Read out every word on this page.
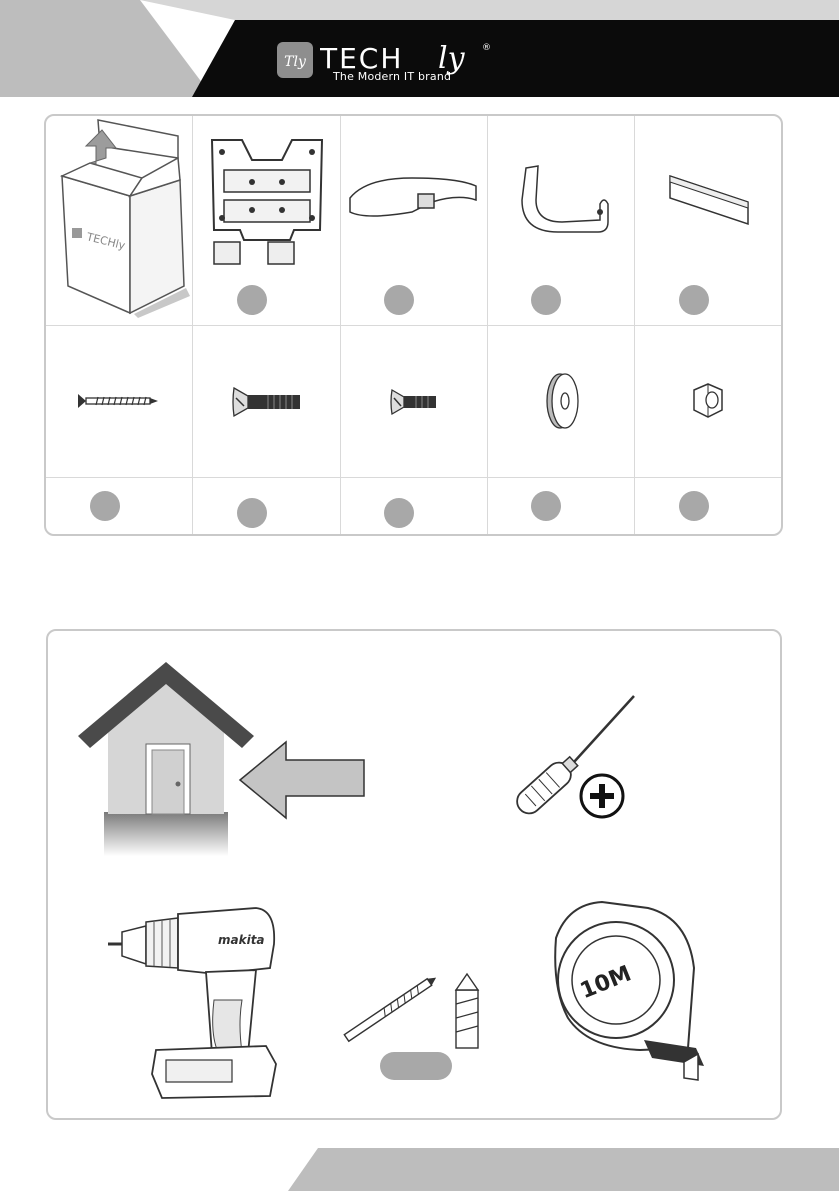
Tly TECH ly ®
The Modern IT brand
TECHly
makita
10M
